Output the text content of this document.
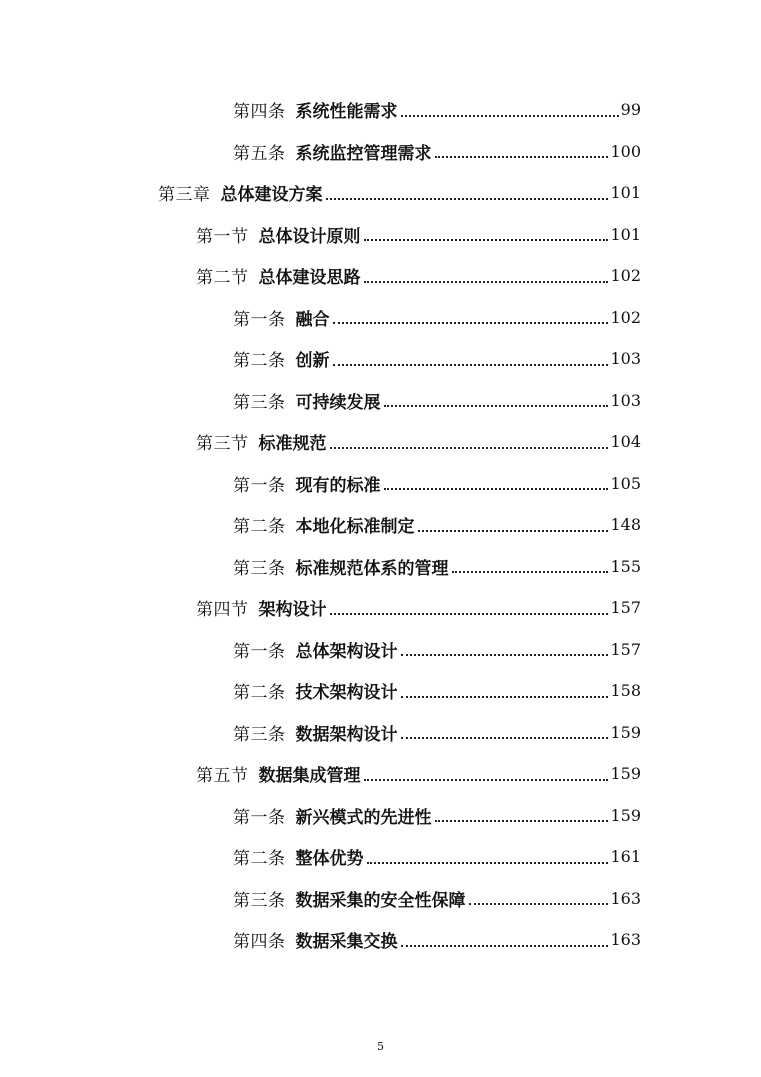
第四条 系统性能需求	99
第五条 系统监控管理需求	100
第三章 总体建设方案	101
第一节 总体设计原则	101
第二节 总体建设思路	102
第一条 融合	102
第二条 创新	103
第三条 可持续发展	103
第三节 标准规范	104
第一条 现有的标准	105
第二条 本地化标准制定	148
第三条 标准规范体系的管理	155
第四节 架构设计	157
第一条 总体架构设计	157
第二条 技术架构设计	158
第三条 数据架构设计	159
第五节 数据集成管理	159
第一条 新兴模式的先进性	159
第二条 整体优势	161
第三条 数据采集的安全性保障	163
第四条 数据采集交换	163
5
